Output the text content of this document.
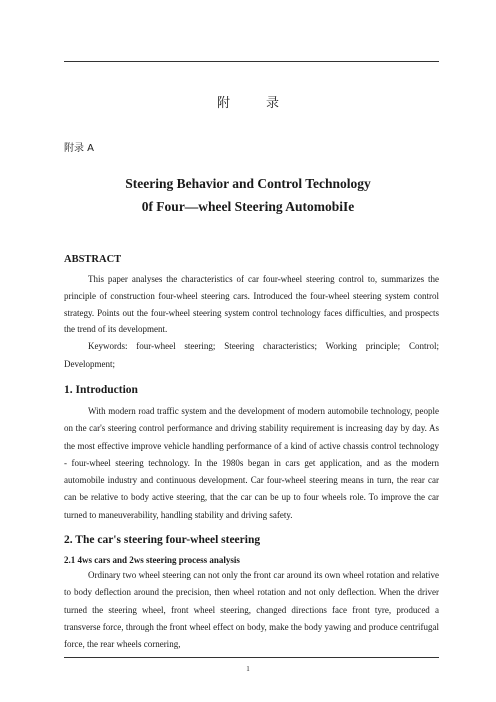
附	录
附录 A
Steering Behavior and Control Technology
0f Four—wheel Steering AutomobiIe

ABSTRACT

This paper analyses the characteristics of car four-wheel steering control to, summarizes the principle of construction four-wheel steering cars. Introduced the four-wheel steering system control strategy. Points out the four-wheel steering system control technology faces difficulties, and prospects the trend of its development.

Keywords: four-wheel steering; Steering characteristics; Working principle; Control; Development;

1. Introduction

With modern road traffic system and the development of modern automobile technology, people on the car's steering control performance and driving stability requirement is increasing day by day. As the most effective improve vehicle handling performance of a kind of active chassis control technology - four-wheel steering technology. In the 1980s began in cars get application, and as the modern automobile industry and continuous development. Car four-wheel steering means in turn, the rear car can be relative to body active steering, that the car can be up to four wheels role. To improve the car turned to maneuverability, handling stability and driving safety.

2. The car's steering four-wheel steering

2.1 4ws cars and 2ws steering process analysis

Ordinary two wheel steering can not only the front car around its own wheel rotation and relative to body deflection around the precision, then wheel rotation and not only deflection. When the driver turned the steering wheel, front wheel steering, changed directions face front tyre, produced a transverse force, through the front wheel effect on body, make the body yawing and produce centrifugal force, the rear wheels cornering,

1
